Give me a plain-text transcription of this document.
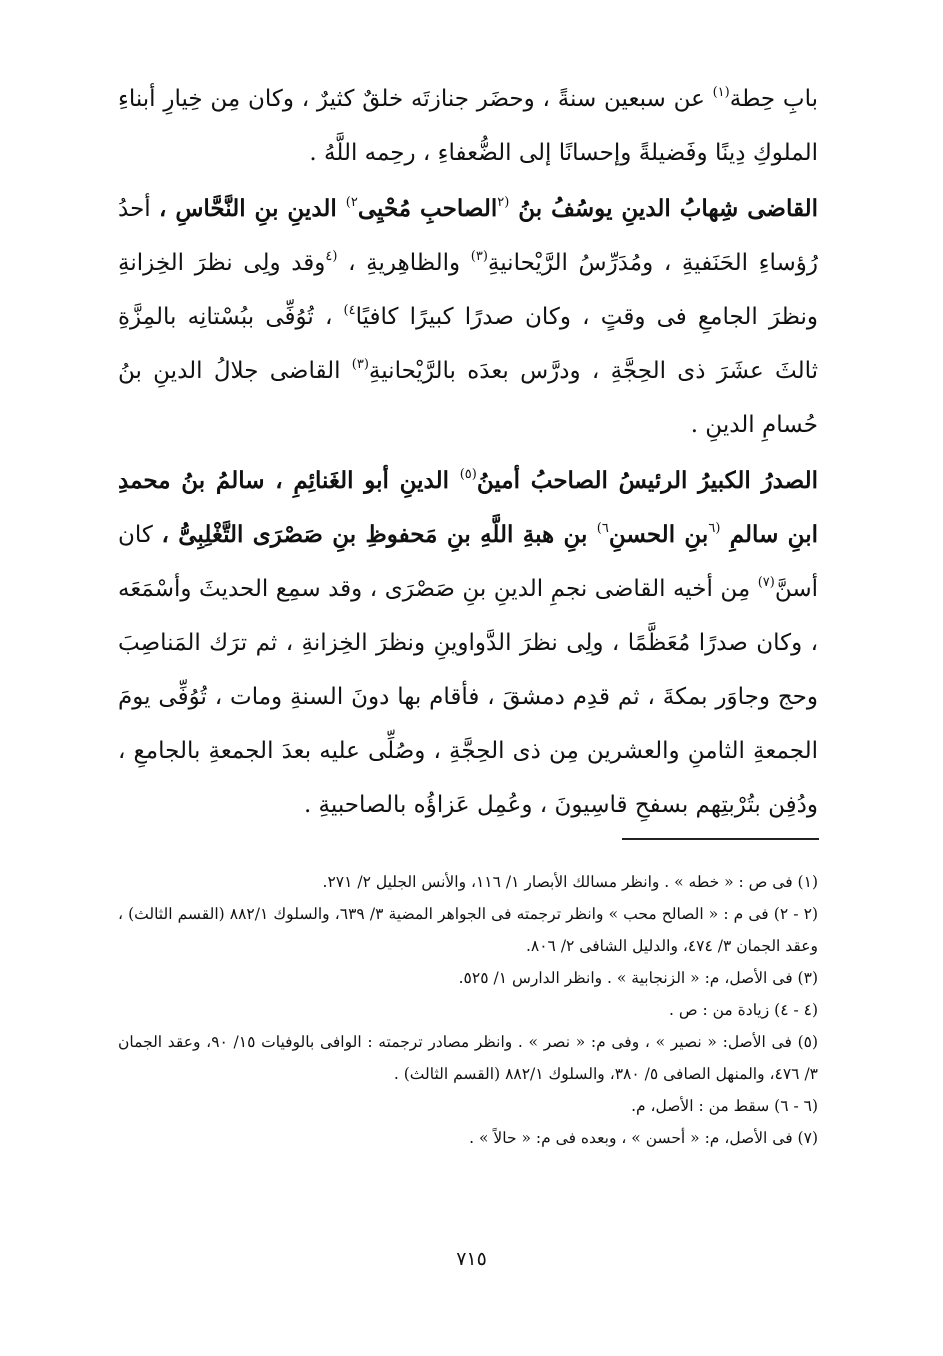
بابِ حِطة$^{(١)}$ عن سبعين سنةً ، وحضَر جنازتَه خلقٌ كثيرٌ ، وكان مِن خِيارِ أبناءِ الملوكِ دِينًا وفَضيلةً وإحسانًا إلى الضُّعفاءِ ، رحِمه اللَّهُ .

القاضى شِهابُ الدينِ يوسُفُ بنُ $^{(٢}$الصاحبِ مُحْيِى$^{٢)}$ الدينِ بنِ النَّحَّاسِ ، أحدُ رُؤساءِ الحَنَفيةِ ، ومُدَرِّسُ الرَّيْحانيةِ$^{(٣)}$ والظاهِريةِ ، $^{(٤}$وقد ولِى نظرَ الخِزانةِ ونظرَ الجامعِ فى وقتٍ ، وكان صدرًا كبيرًا كافيًا$^{٤)}$ ، تُوُفِّى ببُسْتانِه بالمِزَّةِ ثالثَ عشَرَ ذى الحِجَّةِ ، ودرَّس بعدَه بالرَّيْحانيةِ$^{(٣)}$ القاضى جلالُ الدينِ بنُ حُسامِ الدينِ .

الصدرُ الكبيرُ الرئيسُ الصاحبُ أمينُ$^{(٥)}$ الدينِ أبو الغَنائِمِ ، سالمُ بنُ محمدِ ابنِ سالمِ $^{(٦}$بنِ الحسنِ$^{٦)}$ بنِ هبةِ اللَّهِ بنِ مَحفوظِ بنِ صَصْرَى التَّغْلِبِىُّ ، كان أسنَّ$^{(٧)}$ مِن أخيه القاضى نجمِ الدينِ بنِ صَصْرَى ، وقد سمِع الحديثَ وأسْمَعَه ، وكان صدرًا مُعَظَّمًا ، ولِى نظرَ الدَّواوينِ ونظرَ الخِزانةِ ، ثم ترَك المَناصِبَ وحج وجاوَر بمكةَ ، ثم قدِم دمشقَ ، فأقام بها دونَ السنةِ ومات ، تُوُفِّى يومَ الجمعةِ الثامنِ والعشرين مِن ذى الحِجَّةِ ، وصُلِّى عليه بعدَ الجمعةِ بالجامعِ ، ودُفِن بتُرْبتِهم بسفحِ قاسِيونَ ، وعُمِل عَزاؤُه بالصاحبيةِ .

(١) فى ص : « خطه » . وانظر مسالك الأبصار ١/ ١١٦، والأنس الجليل ٢/ ٢٧١.
(٢ - ٢) فى م : « الصالح محب » وانظر ترجمته فى الجواهر المضية ٣/ ٦٣٩، والسلوك ٨٨٢/١ (القسم الثالث) ، وعقد الجمان ٣/ ٤٧٤، والدليل الشافى ٢/ ٨٠٦.
(٣) فى الأصل، م: « الزنجابية » . وانظر الدارس ١/ ٥٢٥.
(٤ - ٤) زيادة من : ص .
(٥) فى الأصل: « نصير » ، وفى م: « نصر » . وانظر مصادر ترجمته : الوافى بالوفيات ١٥/ ٩٠، وعقد الجمان ٣/ ٤٧٦، والمنهل الصافى ٥/ ٣٨٠، والسلوك ٨٨٢/١ (القسم الثالث) .
(٦ - ٦) سقط من : الأصل، م.
(٧) فى الأصل، م: « أحسن » ، وبعده فى م: « حالاً » .
٧١٥
